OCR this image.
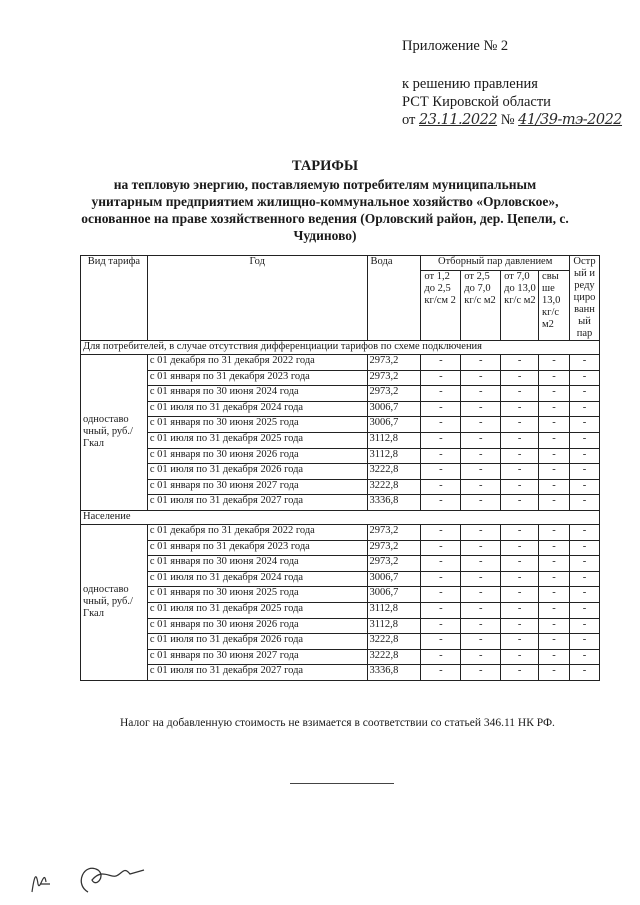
Приложение № 2
к решению правления
РСТ Кировской области
от 23.11.2022 № 41/39-тэ-2022
ТАРИФЫ
на тепловую энергию, поставляемую потребителям муниципальным унитарным предприятием жилищно-коммунальное хозяйство «Орловское», основанное на праве хозяйственного ведения (Орловский район, дер. Цепели, с. Чудиново)
Вид тарифа	Год	Вода	Отборный пар давлением				Остр ый и реду циро ванн ый пар
			от 1,2 до 2,5 кг/см 2	от 2,5 до 7,0 кг/с м2	от 7,0 до 13,0 кг/с м2	свы ше 13,0 кг/с м2	
Для потребителей, в случае отсутствия дифференциации тарифов по схеме подключения							
одноставо чный, руб./Гкал	с 01 декабря по 31 декабря 2022 года	2973,2	-	-	-	-	-
	с 01 января по 31 декабря 2023 года	2973,2	-	-	-	-	-
	с 01 января по 30 июня 2024 года	2973,2	-	-	-	-	-
	с 01 июля по 31 декабря 2024 года	3006,7	-	-	-	-	-
	с 01 января по 30 июня 2025 года	3006,7	-	-	-	-	-
	с 01 июля по 31 декабря 2025 года	3112,8	-	-	-	-	-
	с 01 января по 30 июня 2026 года	3112,8	-	-	-	-	-
	с 01 июля по 31 декабря 2026 года	3222,8	-	-	-	-	-
	с 01 января по 30 июня 2027 года	3222,8	-	-	-	-	-
	с 01 июля по 31 декабря 2027 года	3336,8	-	-	-	-	-
Население							
одноставо чный, руб./Гкал	с 01 декабря по 31 декабря 2022 года	2973,2	-	-	-	-	-
	с 01 января по 31 декабря 2023 года	2973,2	-	-	-	-	-
	с 01 января по 30 июня 2024 года	2973,2	-	-	-	-	-
	с 01 июля по 31 декабря 2024 года	3006,7	-	-	-	-	-
	с 01 января по 30 июня 2025 года	3006,7	-	-	-	-	-
	с 01 июля по 31 декабря 2025 года	3112,8	-	-	-	-	-
	с 01 января по 30 июня 2026 года	3112,8	-	-	-	-	-
	с 01 июля по 31 декабря 2026 года	3222,8	-	-	-	-	-
	с 01 января по 30 июня 2027 года	3222,8	-	-	-	-	-
	с 01 июля по 31 декабря 2027 года	3336,8	-	-	-	-	-
Налог на добавленную стоимость не взимается в соответствии со статьей 346.11 НК РФ.
